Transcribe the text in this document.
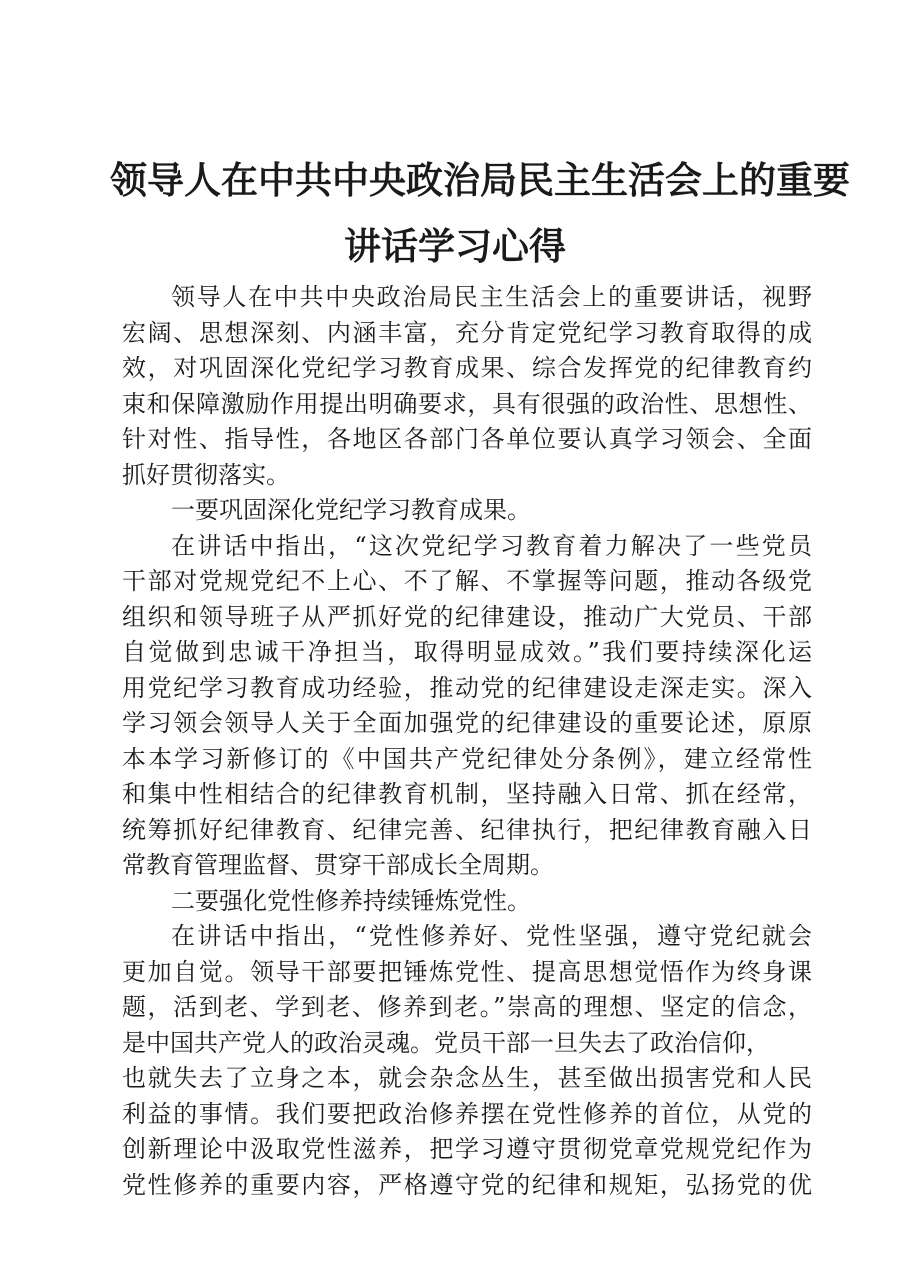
领导人在中共中央政治局民主生活会上的重要
讲话学习心得
领导人在中共中央政治局民主生活会上的重要讲话，视野
宏阔、思想深刻、内涵丰富，充分肯定党纪学习教育取得的成
效，对巩固深化党纪学习教育成果、综合发挥党的纪律教育约
束和保障激励作用提出明确要求，具有很强的政治性、思想性、
针对性、指导性，各地区各部门各单位要认真学习领会、全面
抓好贯彻落实。
一要巩固深化党纪学习教育成果。
在讲话中指出，“这次党纪学习教育着力解决了一些党员
干部对党规党纪不上心、不了解、不掌握等问题，推动各级党
组织和领导班子从严抓好党的纪律建设，推动广大党员、干部
自觉做到忠诚干净担当，取得明显成效。”我们要持续深化运
用党纪学习教育成功经验，推动党的纪律建设走深走实。深入
学习领会领导人关于全面加强党的纪律建设的重要论述，原原
本本学习新修订的《中国共产党纪律处分条例》，建立经常性
和集中性相结合的纪律教育机制，坚持融入日常、抓在经常，
统筹抓好纪律教育、纪律完善、纪律执行，把纪律教育融入日
常教育管理监督、贯穿干部成长全周期。
二要强化党性修养持续锤炼党性。
在讲话中指出，“党性修养好、党性坚强，遵守党纪就会
更加自觉。领导干部要把锤炼党性、提高思想觉悟作为终身课
题，活到老、学到老、修养到老。”崇高的理想、坚定的信念，
是中国共产党人的政治灵魂。党员干部一旦失去了政治信仰，
也就失去了立身之本，就会杂念丛生，甚至做出损害党和人民
利益的事情。我们要把政治修养摆在党性修养的首位，从党的
创新理论中汲取党性滋养，把学习遵守贯彻党章党规党纪作为
党性修养的重要内容，严格遵守党的纪律和规矩，弘扬党的优
